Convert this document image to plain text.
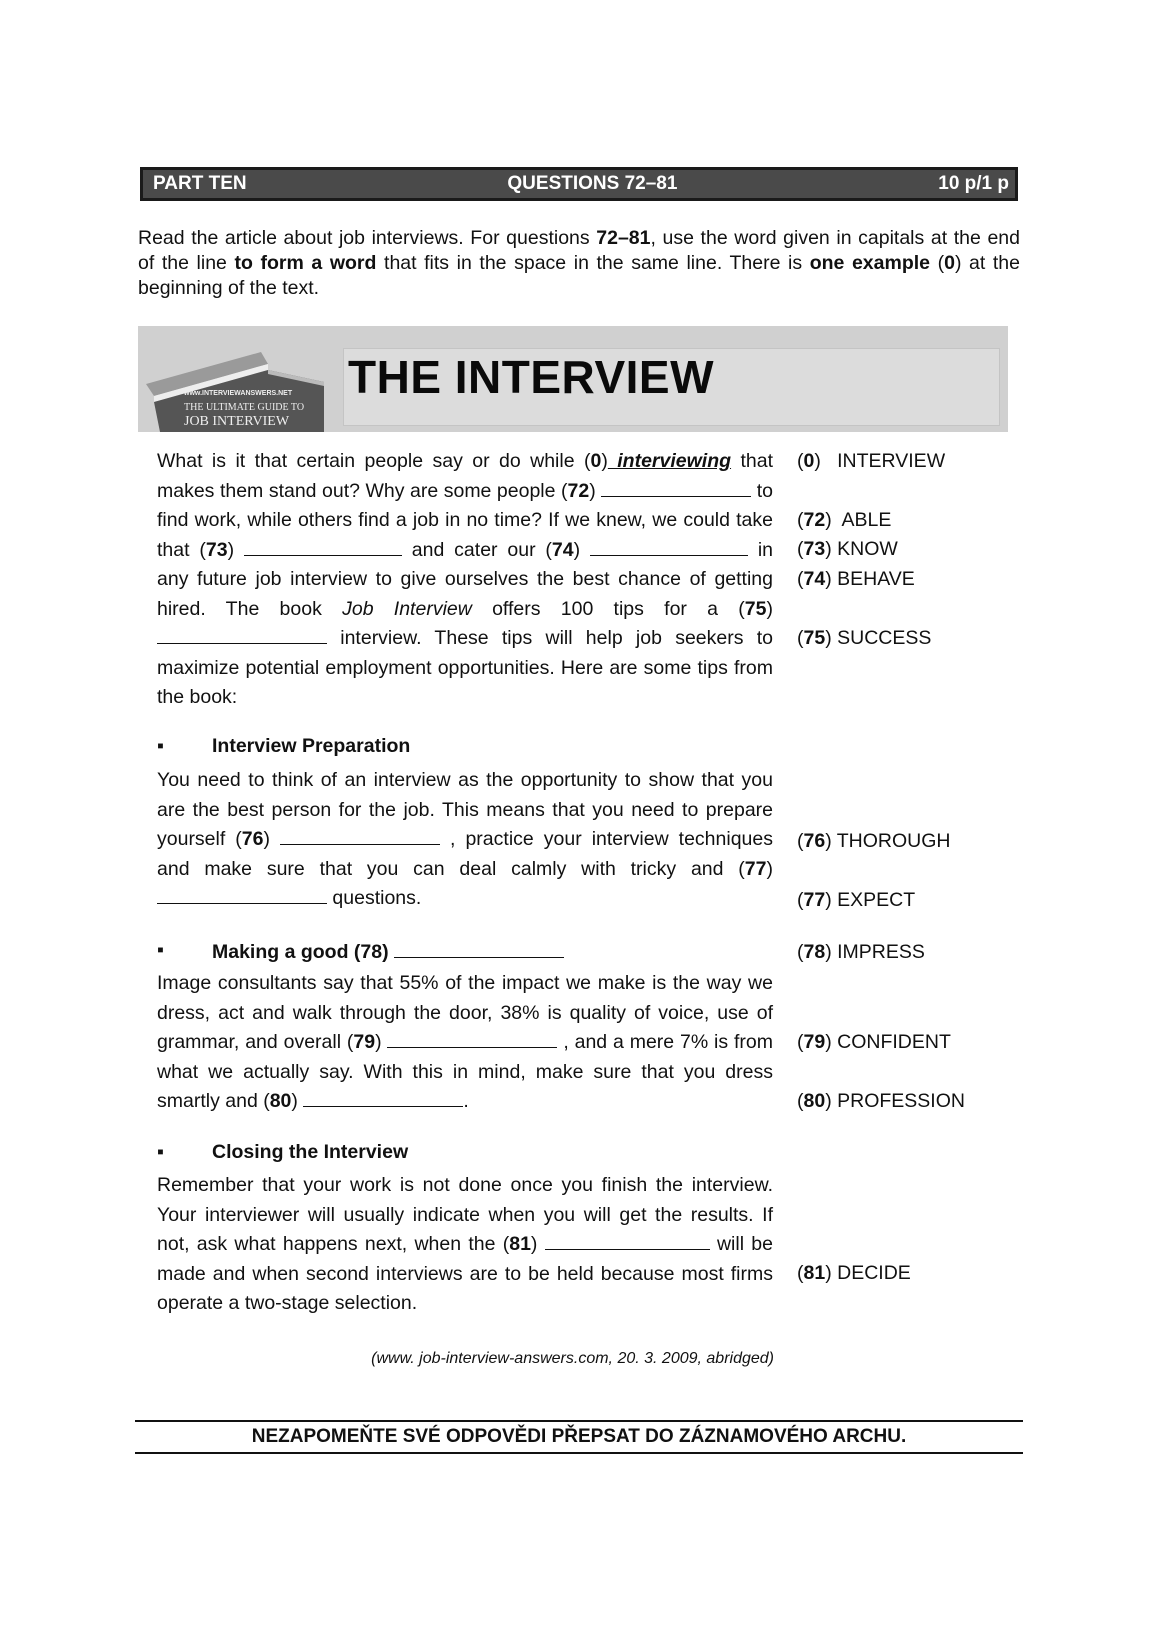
PART TEN	QUESTIONS 72–81	10 p/1 p
Read the article about job interviews. For questions 72–81, use the word given in capitals at the end of the line to form a word that fits in the space in the same line. There is one example (0) at the beginning of the text.
www.INTERVIEWANSWERS.NET
THE ULTIMATE GUIDE TO
JOB INTERVIEW
THE INTERVIEW

What is it that certain people say or do while (0) interviewing that makes them stand out? Why are some people (72)	to find work, while others find a job in no time? If we knew, we could take that (73)	and cater our (74)	in any future job interview to give ourselves the best chance of getting hired. The book Job Interview offers 100 tips for a (75)  interview. These tips will help job seekers to maximize potential employment opportunities. Here are some tips from the book:

▪ Interview Preparation

You need to think of an interview as the opportunity to show that you are the best person for the job. This means that you need to prepare yourself (76)	, practice your interview techniques and make sure that you can deal calmly with tricky and (77)  questions.

▪ Making a good (78)

Image consultants say that 55% of the impact we make is the way we dress, act and walk through the door, 38% is quality of voice, use of grammar, and overall (79)	, and a mere 7% is from what we actually say. With this in mind, make sure that you dress smartly and (80)	.

▪ Closing the Interview

Remember that your work is not done once you finish the interview. Your interviewer will usually indicate when you will get the results. If not, ask what happens next, when the (81)	will be made and when second interviews are to be held because most firms operate a two-stage selection.

(0)   INTERVIEW
(72)  ABLE
(73) KNOW
(74) BEHAVE
(75) SUCCESS
(76) THOROUGH
(77) EXPECT
(78) IMPRESS
(79) CONFIDENT
(80) PROFESSION
(81) DECIDE
(www. job-interview-answers.com, 20. 3. 2009, abridged)
NEZAPOMEŇTE SVÉ ODPOVĚDI PŘEPSAT DO ZÁZNAMOVÉHO ARCHU.
